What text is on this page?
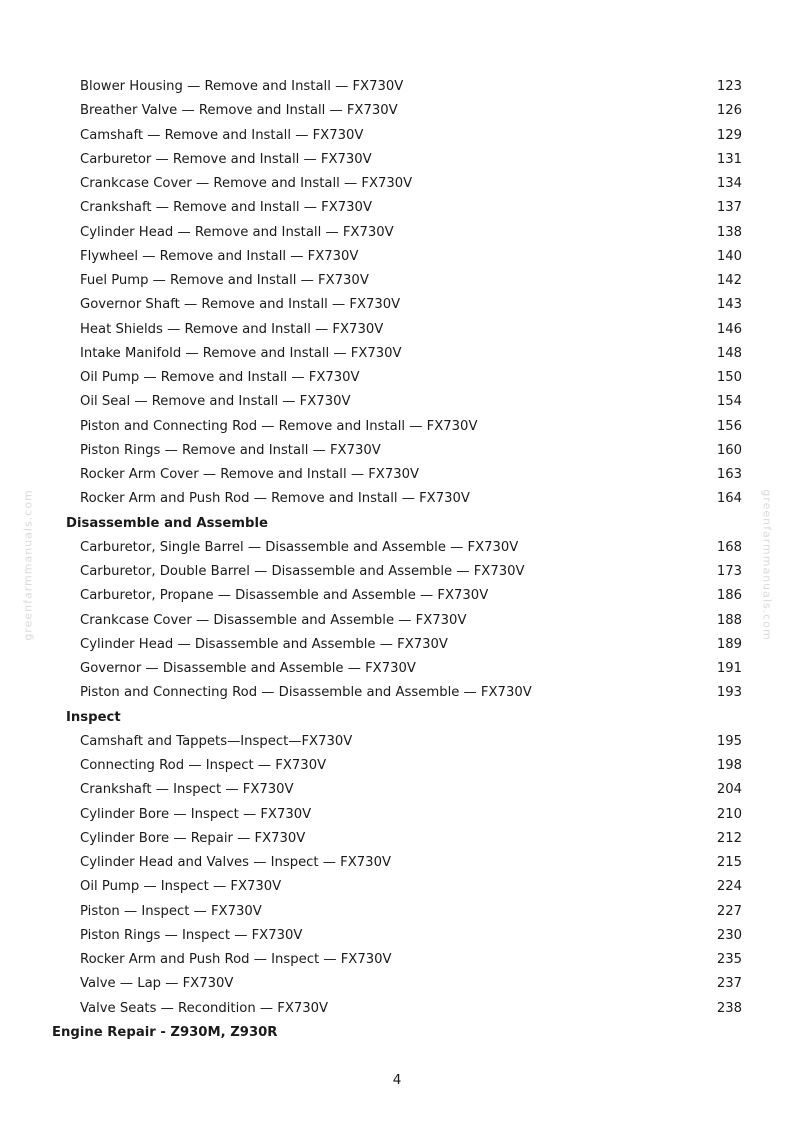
greenfarmmanuals.com	greenfarmmanuals.com
Blower Housing — Remove and Install — FX730V	123
Breather Valve — Remove and Install — FX730V	126
Camshaft — Remove and Install — FX730V	129
Carburetor — Remove and Install — FX730V	131
Crankcase Cover — Remove and Install — FX730V	134
Crankshaft — Remove and Install — FX730V	137
Cylinder Head — Remove and Install — FX730V	138
Flywheel — Remove and Install — FX730V	140
Fuel Pump — Remove and Install — FX730V	142
Governor Shaft — Remove and Install — FX730V	143
Heat Shields — Remove and Install — FX730V	146
Intake Manifold — Remove and Install — FX730V	148
Oil Pump — Remove and Install — FX730V	150
Oil Seal — Remove and Install — FX730V	154
Piston and Connecting Rod — Remove and Install — FX730V	156
Piston Rings — Remove and Install — FX730V	160
Rocker Arm Cover — Remove and Install — FX730V	163
Rocker Arm and Push Rod — Remove and Install — FX730V	164
Disassemble and Assemble
Carburetor, Single Barrel — Disassemble and Assemble — FX730V	168
Carburetor, Double Barrel — Disassemble and Assemble — FX730V	173
Carburetor, Propane — Disassemble and Assemble — FX730V	186
Crankcase Cover — Disassemble and Assemble — FX730V	188
Cylinder Head — Disassemble and Assemble — FX730V	189
Governor — Disassemble and Assemble — FX730V	191
Piston and Connecting Rod — Disassemble and Assemble — FX730V	193
Inspect
Camshaft and Tappets—Inspect—FX730V	195
Connecting Rod — Inspect — FX730V	198
Crankshaft — Inspect — FX730V	204
Cylinder Bore — Inspect — FX730V	210
Cylinder Bore — Repair — FX730V	212
Cylinder Head and Valves — Inspect — FX730V	215
Oil Pump — Inspect — FX730V	224
Piston — Inspect — FX730V	227
Piston Rings — Inspect — FX730V	230
Rocker Arm and Push Rod — Inspect — FX730V	235
Valve — Lap — FX730V	237
Valve Seats — Recondition — FX730V	238
Engine Repair - Z930M, Z930R
4
